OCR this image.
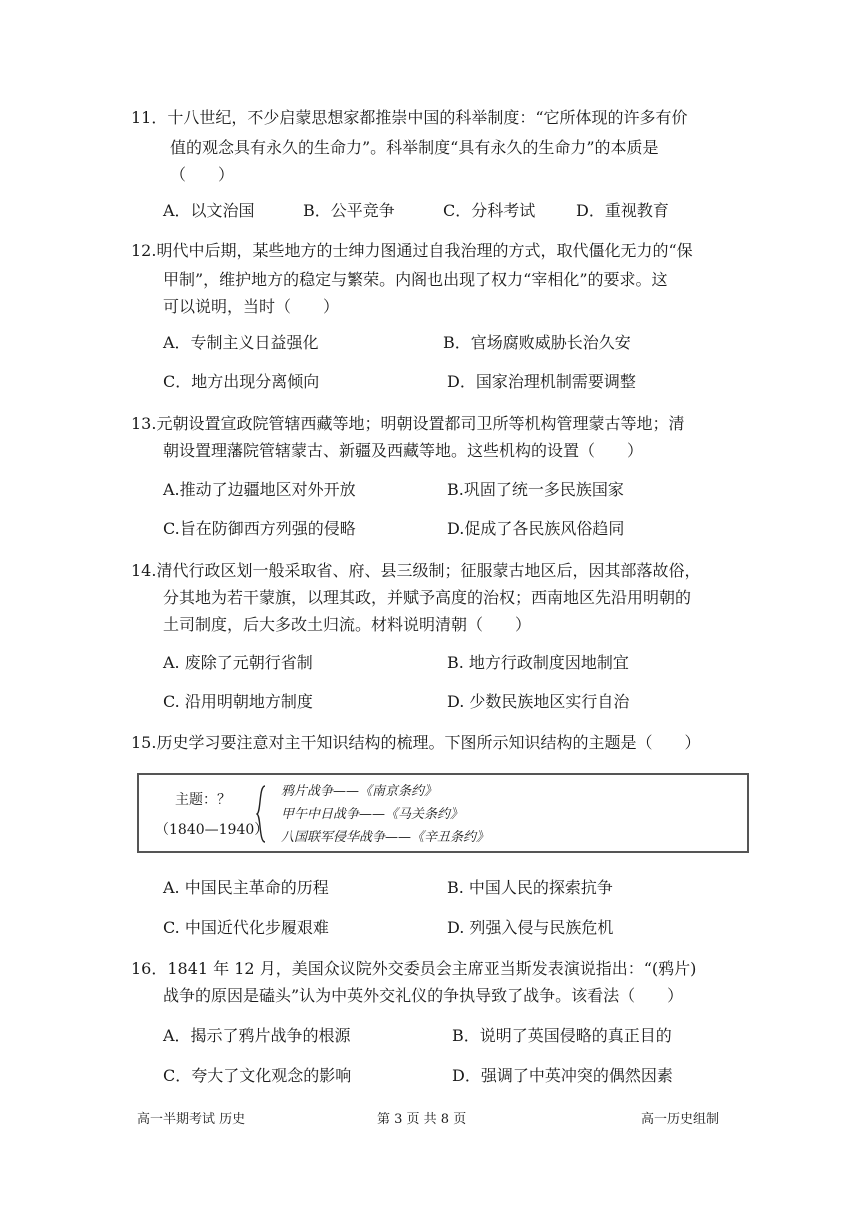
11．十八世纪，不少启蒙思想家都推崇中国的科举制度：“它所体现的许多有价
值的观念具有永久的生命力”。科举制度“具有永久的生命力”的本质是
（　　）
A．以文治国	B．公平竞争	C．分科考试	D．重视教育
12.明代中后期，某些地方的士绅力图通过自我治理的方式，取代僵化无力的“保
甲制”，维护地方的稳定与繁荣。内阁也出现了权力“宰相化”的要求。这
可以说明，当时（　　）
A．专制主义日益强化	B．官场腐败威胁长治久安
C．地方出现分离倾向	D．国家治理机制需要调整
13.元朝设置宣政院管辖西藏等地；明朝设置都司卫所等机构管理蒙古等地；清
朝设置理藩院管辖蒙古、新疆及西藏等地。这些机构的设置（　　）
A.推动了边疆地区对外开放	B.巩固了统一多民族国家
C.旨在防御西方列强的侵略	D.促成了各民族风俗趋同
14.清代行政区划一般采取省、府、县三级制；征服蒙古地区后，因其部落故俗，
分其地为若干蒙旗，以理其政，并赋予高度的治权；西南地区先沿用明朝的
土司制度，后大多改土归流。材料说明清朝（　　）
A. 废除了元朝行省制	B. 地方行政制度因地制宜
C. 沿用明朝地方制度	D. 少数民族地区实行自治
15.历史学习要注意对主干知识结构的梳理。下图所示知识结构的主题是（　　）
主题：？
（1840—1940）
鸦片战争——《南京条约》
甲午中日战争——《马关条约》
八国联军侵华战争——《辛丑条约》
A. 中国民主革命的历程	B. 中国人民的探索抗争
C. 中国近代化步履艰难	D. 列强入侵与民族危机
16．1841 年 12 月，美国众议院外交委员会主席亚当斯发表演说指出：“(鸦片)
战争的原因是磕头”认为中英外交礼仪的争执导致了战争。该看法（　　）
A．揭示了鸦片战争的根源	B．说明了英国侵略的真正目的
C．夸大了文化观念的影响	D．强调了中英冲突的偶然因素
高一半期考试 历史	第 3 页 共 8 页	高一历史组制
